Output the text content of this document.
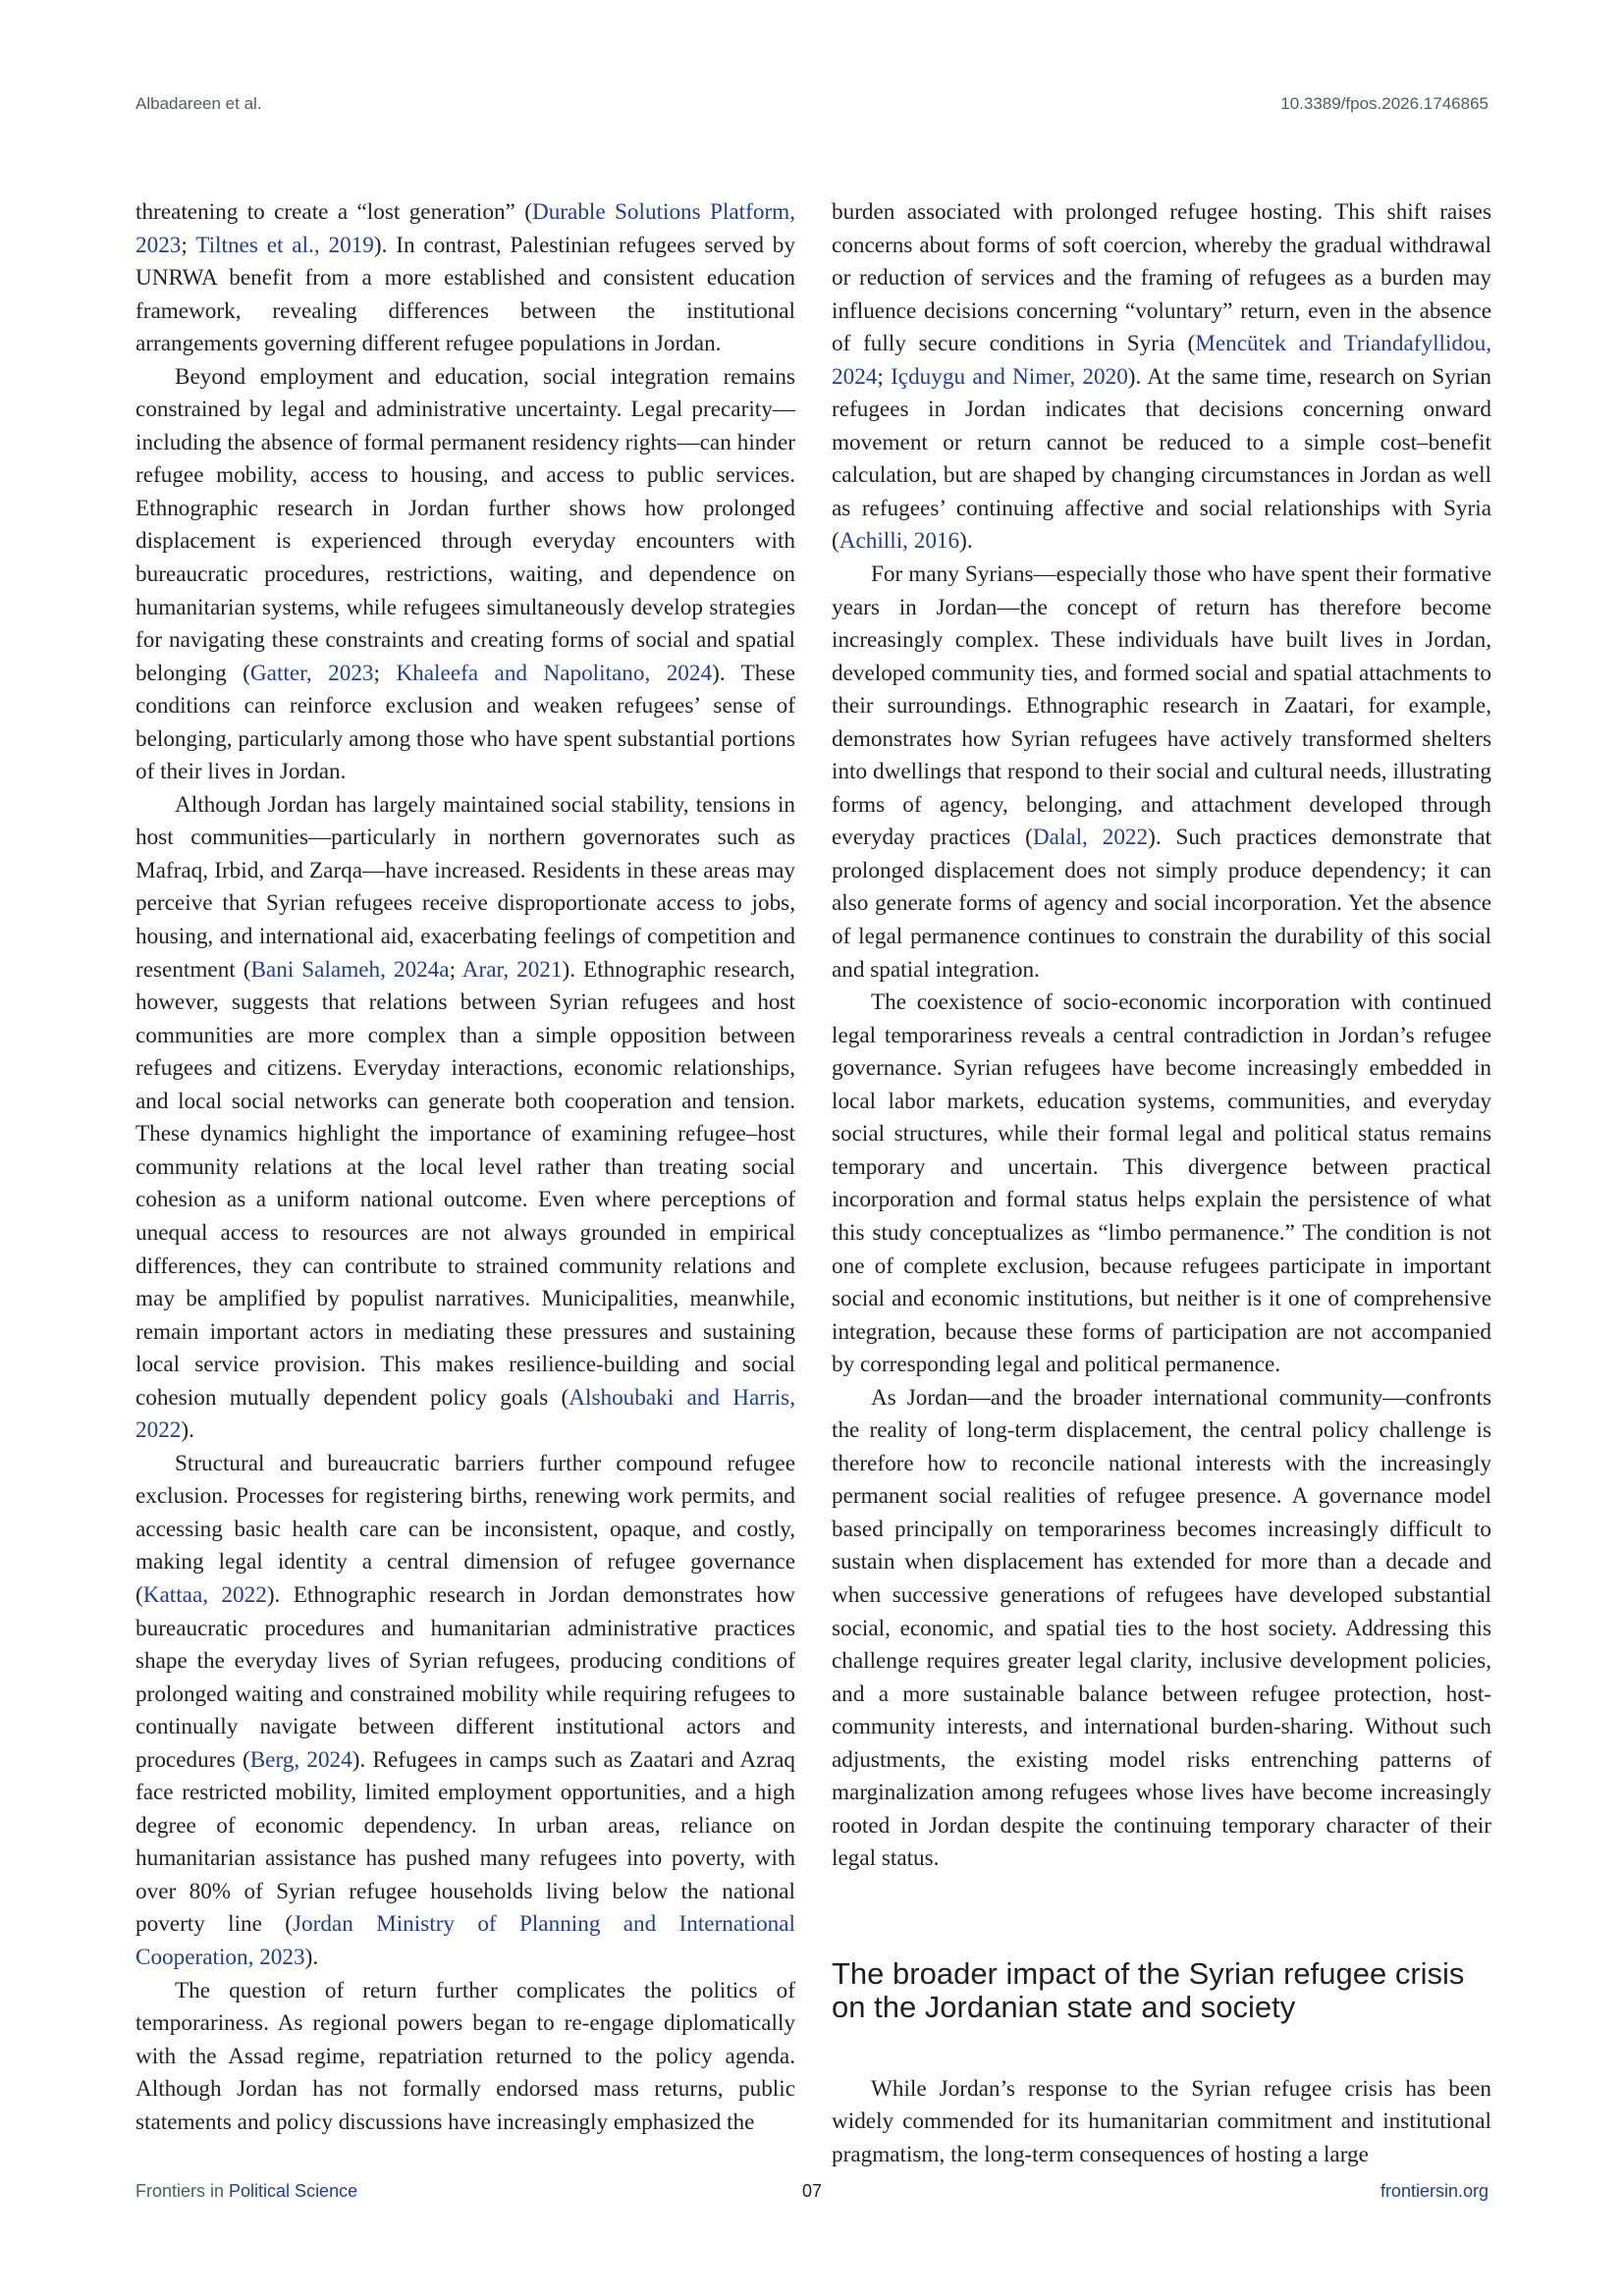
Albadareen et al.	10.3389/fpos.2026.1746865

threatening to create a “lost generation” (Durable Solutions Platform, 2023; Tiltnes et al., 2019). In contrast, Palestinian refugees served by UNRWA benefit from a more established and consistent education framework, revealing differences between the institutional arrangements governing different refugee populations in Jordan.

Beyond employment and education, social integration remains constrained by legal and administrative uncertainty. Legal precarity—including the absence of formal permanent residency rights—can hinder refugee mobility, access to housing, and access to public services. Ethnographic research in Jordan further shows how prolonged displacement is experienced through everyday encounters with bureaucratic procedures, restrictions, waiting, and dependence on humanitarian systems, while refugees simultaneously develop strategies for navigating these constraints and creating forms of social and spatial belonging (Gatter, 2023; Khaleefa and Napolitano, 2024). These conditions can reinforce exclusion and weaken refugees’ sense of belonging, particularly among those who have spent substantial portions of their lives in Jordan.

Although Jordan has largely maintained social stability, tensions in host communities—particularly in northern governorates such as Mafraq, Irbid, and Zarqa—have increased. Residents in these areas may perceive that Syrian refugees receive disproportionate access to jobs, housing, and international aid, exacerbating feelings of competition and resentment (Bani Salameh, 2024a; Arar, 2021). Ethnographic research, however, suggests that relations between Syrian refugees and host communities are more complex than a simple opposition between refugees and citizens. Everyday interactions, economic relationships, and local social networks can generate both cooperation and tension. These dynamics highlight the importance of examining refugee–host community relations at the local level rather than treating social cohesion as a uniform national outcome. Even where perceptions of unequal access to resources are not always grounded in empirical differences, they can contribute to strained community relations and may be amplified by populist narratives. Municipalities, meanwhile, remain important actors in mediating these pressures and sustaining local service provision. This makes resilience-building and social cohesion mutually dependent policy goals (Alshoubaki and Harris, 2022).

Structural and bureaucratic barriers further compound refugee exclusion. Processes for registering births, renewing work permits, and accessing basic health care can be inconsistent, opaque, and costly, making legal identity a central dimension of refugee governance (Kattaa, 2022). Ethnographic research in Jordan demonstrates how bureaucratic procedures and humanitarian administrative practices shape the everyday lives of Syrian refugees, producing conditions of prolonged waiting and constrained mobility while requiring refugees to continually navigate between different institutional actors and procedures (Berg, 2024). Refugees in camps such as Zaatari and Azraq face restricted mobility, limited employment opportunities, and a high degree of economic dependency. In urban areas, reliance on humanitarian assistance has pushed many refugees into poverty, with over 80% of Syrian refugee households living below the national poverty line (Jordan Ministry of Planning and International Cooperation, 2023).

The question of return further complicates the politics of temporariness. As regional powers began to re-engage diplomatically with the Assad regime, repatriation returned to the policy agenda. Although Jordan has not formally endorsed mass returns, public statements and policy discussions have increasingly emphasized the

burden associated with prolonged refugee hosting. This shift raises concerns about forms of soft coercion, whereby the gradual withdrawal or reduction of services and the framing of refugees as a burden may influence decisions concerning “voluntary” return, even in the absence of fully secure conditions in Syria (Mencütek and Triandafyllidou, 2024; Içduygu and Nimer, 2020). At the same time, research on Syrian refugees in Jordan indicates that decisions concerning onward movement or return cannot be reduced to a simple cost–benefit calculation, but are shaped by changing circumstances in Jordan as well as refugees’ continuing affective and social relationships with Syria (Achilli, 2016).

For many Syrians—especially those who have spent their formative years in Jordan—the concept of return has therefore become increasingly complex. These individuals have built lives in Jordan, developed community ties, and formed social and spatial attachments to their surroundings. Ethnographic research in Zaatari, for example, demonstrates how Syrian refugees have actively transformed shelters into dwellings that respond to their social and cultural needs, illustrating forms of agency, belonging, and attachment developed through everyday practices (Dalal, 2022). Such practices demonstrate that prolonged displacement does not simply produce dependency; it can also generate forms of agency and social incorporation. Yet the absence of legal permanence continues to constrain the durability of this social and spatial integration.

The coexistence of socio-economic incorporation with continued legal temporariness reveals a central contradiction in Jordan’s refugee governance. Syrian refugees have become increasingly embedded in local labor markets, education systems, communities, and everyday social structures, while their formal legal and political status remains temporary and uncertain. This divergence between practical incorporation and formal status helps explain the persistence of what this study conceptualizes as “limbo permanence.” The condition is not one of complete exclusion, because refugees participate in important social and economic institutions, but neither is it one of comprehensive integration, because these forms of participation are not accompanied by corresponding legal and political permanence.

As Jordan—and the broader international community—confronts the reality of long-term displacement, the central policy challenge is therefore how to reconcile national interests with the increasingly permanent social realities of refugee presence. A governance model based principally on temporariness becomes increasingly difficult to sustain when displacement has extended for more than a decade and when successive generations of refugees have developed substantial social, economic, and spatial ties to the host society. Addressing this challenge requires greater legal clarity, inclusive development policies, and a more sustainable balance between refugee protection, host-community interests, and international burden-sharing. Without such adjustments, the existing model risks entrenching patterns of marginalization among refugees whose lives have become increasingly rooted in Jordan despite the continuing temporary character of their legal status.

The broader impact of the Syrian refugee crisis on the Jordanian state and society

While Jordan’s response to the Syrian refugee crisis has been widely commended for its humanitarian commitment and institutional pragmatism, the long-term consequences of hosting a large

Frontiers in Political Science	07	frontiersin.org
